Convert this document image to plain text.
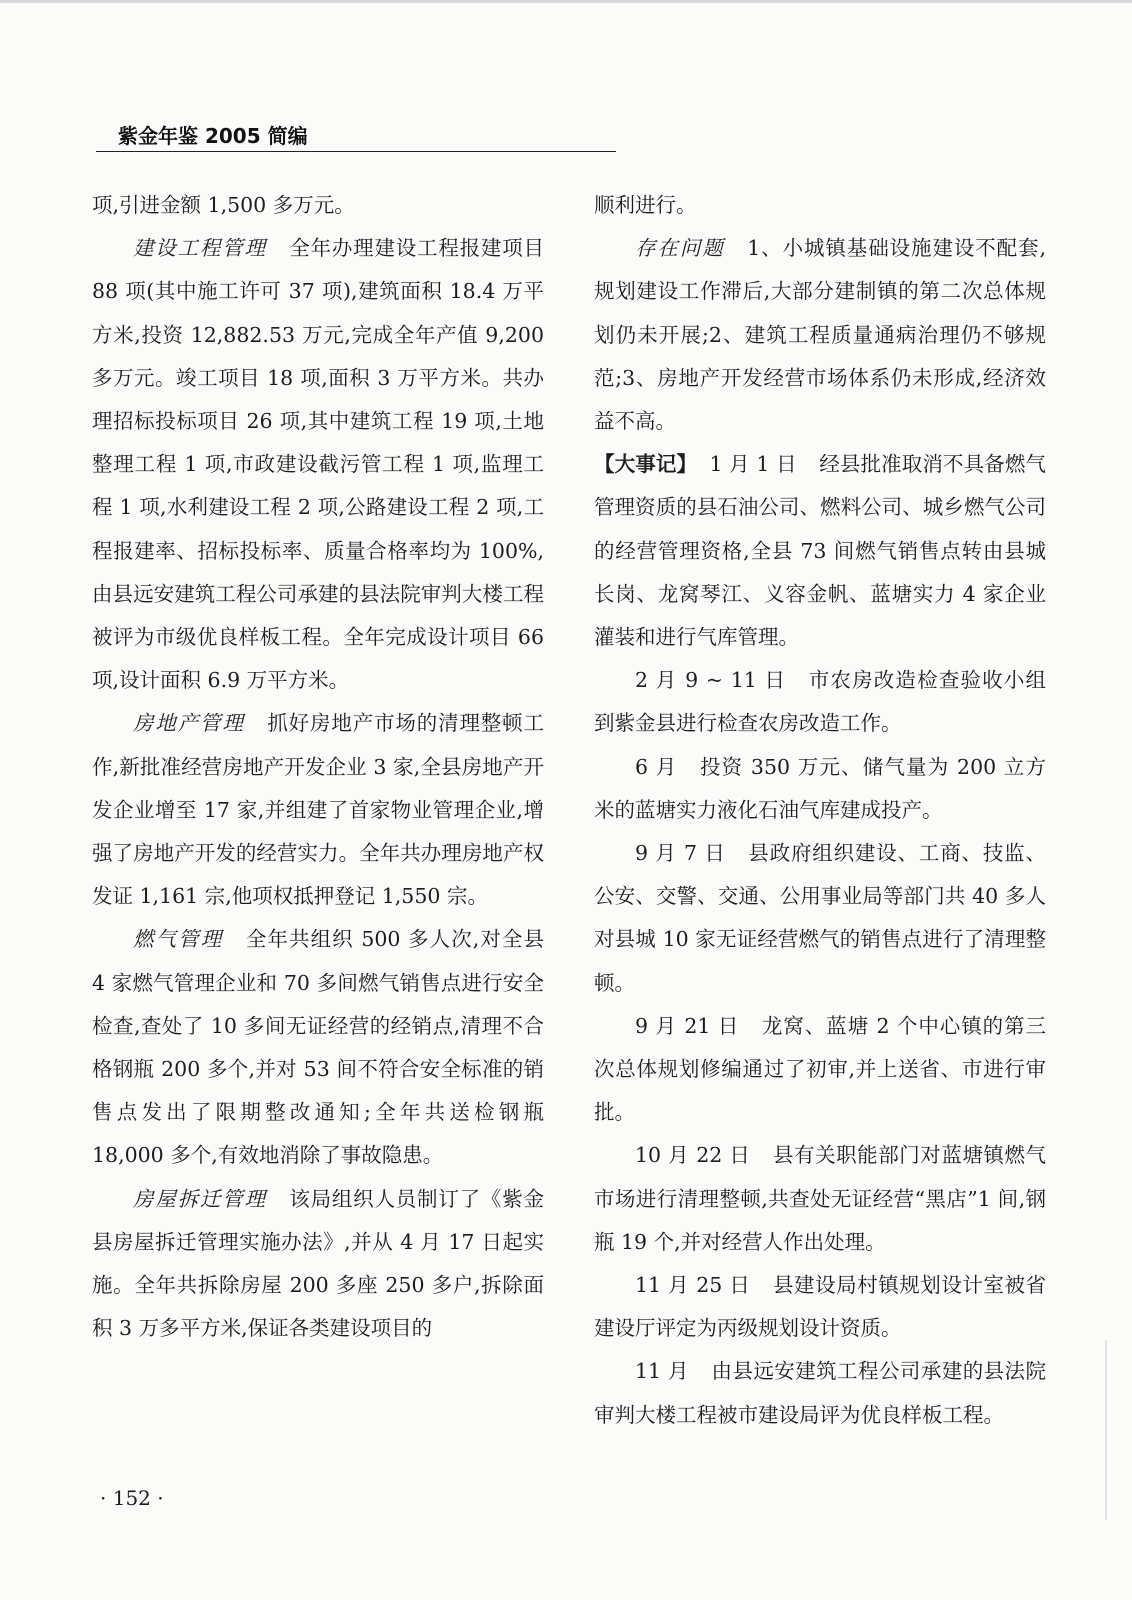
紫金年鉴 2005 简编

项,引进金额 1,500 多万元。

建设工程管理 全年办理建设工程报建项目 88 项(其中施工许可 37 项),建筑面积 18.4 万平方米,投资 12,882.53 万元,完成全年产值 9,200 多万元。竣工项目 18 项,面积 3 万平方米。共办理招标投标项目 26 项,其中建筑工程 19 项,土地整理工程 1 项,市政建设截污管工程 1 项,监理工程 1 项,水利建设工程 2 项,公路建设工程 2 项,工程报建率、招标投标率、质量合格率均为 100%,由县远安建筑工程公司承建的县法院审判大楼工程被评为市级优良样板工程。全年完成设计项目 66 项,设计面积 6.9 万平方米。

房地产管理 抓好房地产市场的清理整顿工作,新批准经营房地产开发企业 3 家,全县房地产开发企业增至 17 家,并组建了首家物业管理企业,增强了房地产开发的经营实力。全年共办理房地产权发证 1,161 宗,他项权抵押登记 1,550 宗。

燃气管理 全年共组织 500 多人次,对全县 4 家燃气管理企业和 70 多间燃气销售点进行安全检查,查处了 10 多间无证经营的经销点,清理不合格钢瓶 200 多个,并对 53 间不符合安全标准的销售点发出了限期整改通知;全年共送检钢瓶 18,000 多个,有效地消除了事故隐患。

房屋拆迁管理 该局组织人员制订了《紫金县房屋拆迁管理实施办法》,并从 4 月 17 日起实施。全年共拆除房屋 200 多座 250 多户,拆除面积 3 万多平方米,保证各类建设项目的

顺利进行。

存在问题 1、小城镇基础设施建设不配套,规划建设工作滞后,大部分建制镇的第二次总体规划仍未开展;2、建筑工程质量通病治理仍不够规范;3、房地产开发经营市场体系仍未形成,经济效益不高。

【大事记】 1 月 1 日 经县批准取消不具备燃气管理资质的县石油公司、燃料公司、城乡燃气公司的经营管理资格,全县 73 间燃气销售点转由县城长岗、龙窝琴江、义容金帆、蓝塘实力 4 家企业灌装和进行气库管理。

2 月 9 ~ 11 日 市农房改造检查验收小组到紫金县进行检查农房改造工作。

6 月 投资 350 万元、储气量为 200 立方米的蓝塘实力液化石油气库建成投产。

9 月 7 日 县政府组织建设、工商、技监、公安、交警、交通、公用事业局等部门共 40 多人对县城 10 家无证经营燃气的销售点进行了清理整顿。

9 月 21 日 龙窝、蓝塘 2 个中心镇的第三次总体规划修编通过了初审,并上送省、市进行审批。

10 月 22 日 县有关职能部门对蓝塘镇燃气市场进行清理整顿,共查处无证经营“黑店”1 间,钢瓶 19 个,并对经营人作出处理。

11 月 25 日 县建设局村镇规划设计室被省建设厅评定为丙级规划设计资质。

11 月 由县远安建筑工程公司承建的县法院审判大楼工程被市建设局评为优良样板工程。

· 152 ·
